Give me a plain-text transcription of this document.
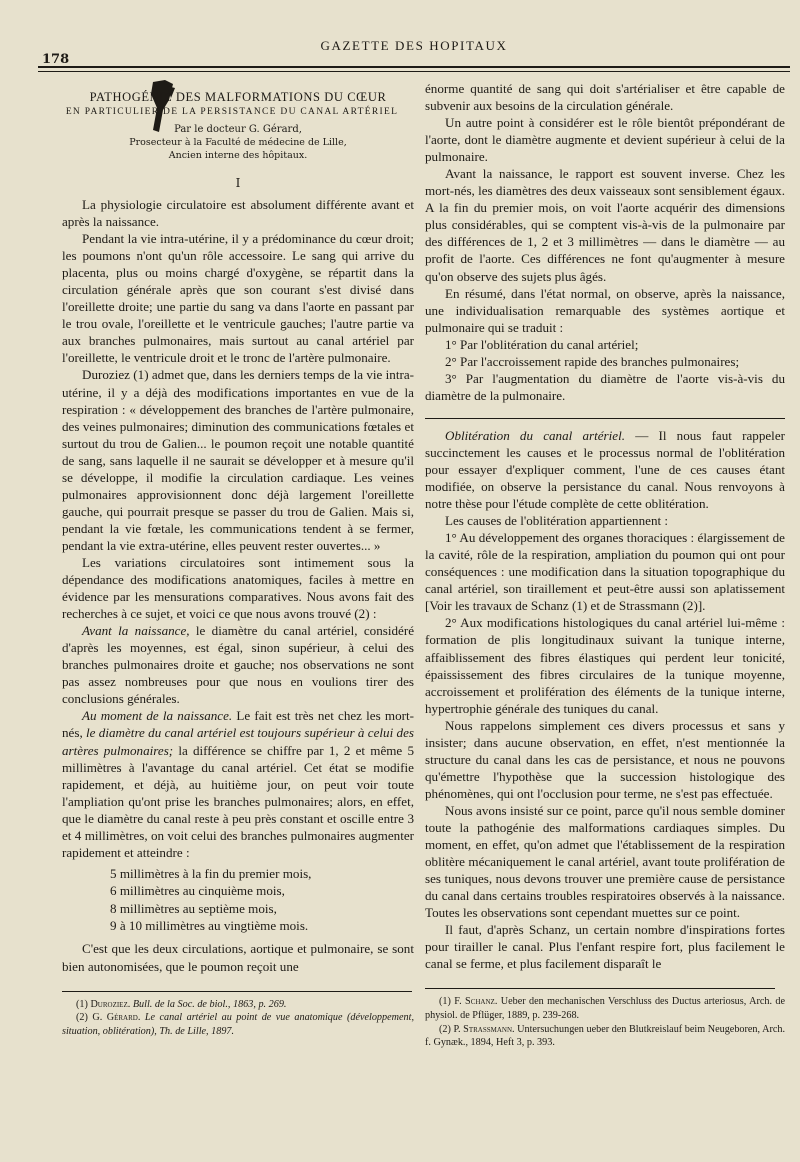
178
GAZETTE DES HOPITAUX
PATHOGÉNIE DES MALFORMATIONS DU CŒUR
EN PARTICULIER DE LA PERSISTANCE DU CANAL ARTÉRIEL

Par le docteur G. Gérard,

Prosecteur à la Faculté de médecine de Lille,

Ancien interne des hôpitaux.

I

La physiologie circulatoire est absolument différente avant et après la naissance.

Pendant la vie intra-utérine, il y a prédominance du cœur droit; les poumons n'ont qu'un rôle accessoire. Le sang qui arrive du placenta, plus ou moins chargé d'oxygène, se répartit dans la circulation générale après que son courant s'est divisé dans l'oreillette droite; une partie du sang va dans l'aorte en passant par le trou ovale, l'oreillette et le ventricule gauches; l'autre partie va aux branches pulmonaires, mais surtout au canal artériel par l'oreillette, le ventricule droit et le tronc de l'artère pulmonaire.

Duroziez (1) admet que, dans les derniers temps de la vie intra-utérine, il y a déjà des modifications importantes en vue de la respiration : « développement des branches de l'artère pulmonaire, des veines pulmonaires; diminution des communications fœtales et surtout du trou de Galien... le poumon reçoit une notable quantité de sang, sans laquelle il ne saurait se développer et à mesure qu'il se développe, il modifie la circulation cardiaque. Les veines pulmonaires approvisionnent donc déjà largement l'oreillette gauche, qui pourrait presque se passer du trou de Galien. Mais si, pendant la vie fœtale, les communications tendent à se fermer, pendant la vie extra-utérine, elles peuvent rester ouvertes... »

Les variations circulatoires sont intimement sous la dépendance des modifications anatomiques, faciles à mettre en évidence par les mensurations comparatives. Nous avons fait des recherches à ce sujet, et voici ce que nous avons trouvé (2) :

Avant la naissance, le diamètre du canal artériel, considéré d'après les moyennes, est égal, sinon supérieur, à celui des branches pulmonaires droite et gauche; nos observations ne sont pas assez nombreuses pour que nous en voulions tirer des conclusions générales.

Au moment de la naissance. Le fait est très net chez les mort-nés, le diamètre du canal artériel est toujours supérieur à celui des artères pulmonaires; la différence se chiffre par 1, 2 et même 5 millimètres à l'avantage du canal artériel. Cet état se modifie rapidement, et déjà, au huitième jour, on peut voir toute l'ampliation qu'ont prise les branches pulmonaires; alors, en effet, que le diamètre du canal reste à peu près constant et oscille entre 3 et 4 millimètres, on voit celui des branches pulmonaires augmenter rapidement et atteindre :

5 millimètres à la fin du premier mois,
6 millimètres au cinquième mois,
8 millimètres au septième mois,
9 à 10 millimètres au vingtième mois.

C'est que les deux circulations, aortique et pulmonaire, se sont bien autonomisées, que le poumon reçoit une

(1) Duroziez. Bull. de la Soc. de biol., 1863, p. 269.

(2) G. Gérard. Le canal artériel au point de vue anatomique (développement, situation, oblitération), Th. de Lille, 1897.

énorme quantité de sang qui doit s'artérialiser et être capable de subvenir aux besoins de la circulation générale.

Un autre point à considérer est le rôle bientôt prépondérant de l'aorte, dont le diamètre augmente et devient supérieur à celui de la pulmonaire.

Avant la naissance, le rapport est souvent inverse. Chez les mort-nés, les diamètres des deux vaisseaux sont sensiblement égaux. A la fin du premier mois, on voit l'aorte acquérir des dimensions plus considérables, qui se comptent vis-à-vis de la pulmonaire par des différences de 1, 2 et 3 millimètres — dans le diamètre — au profit de l'aorte. Ces différences ne font qu'augmenter à mesure qu'on observe des sujets plus âgés.

En résumé, dans l'état normal, on observe, après la naissance, une individualisation remarquable des systèmes aortique et pulmonaire qui se traduit :

1° Par l'oblitération du canal artériel;

2° Par l'accroissement rapide des branches pulmonaires;

3° Par l'augmentation du diamètre de l'aorte vis-à-vis du diamètre de la pulmonaire.

Oblitération du canal artériel. — Il nous faut rappeler succinctement les causes et le processus normal de l'oblitération pour essayer d'expliquer comment, l'une de ces causes étant modifiée, on observe la persistance du canal. Nous renvoyons à notre thèse pour l'étude complète de cette oblitération.

Les causes de l'oblitération appartiennent :

1° Au développement des organes thoraciques : élargissement de la cavité, rôle de la respiration, ampliation du poumon qui ont pour conséquences : une modification dans la situation topographique du canal artériel, son tiraillement et peut-être aussi son aplatissement [Voir les travaux de Schanz (1) et de Strassmann (2)].

2° Aux modifications histologiques du canal artériel lui-même : formation de plis longitudinaux suivant la tunique interne, affaiblissement des fibres élastiques qui perdent leur tonicité, épaississement des fibres circulaires de la tunique moyenne, accroissement et prolifération des éléments de la tunique interne, hypertrophie générale des tuniques du canal.

Nous rappelons simplement ces divers processus et sans y insister; dans aucune observation, en effet, n'est mentionnée la structure du canal dans les cas de persistance, et nous ne pouvons qu'émettre l'hypothèse que la succession histologique des phénomènes, qui ont l'occlusion pour terme, ne s'est pas effectuée.

Nous avons insisté sur ce point, parce qu'il nous semble dominer toute la pathogénie des malformations cardiaques simples. Du moment, en effet, qu'on admet que l'établissement de la respiration oblitère mécaniquement le canal artériel, avant toute prolifération de ses tuniques, nous devons trouver une première cause de persistance du canal dans certains troubles respiratoires observés à la naissance. Toutes les observations sont cependant muettes sur ce point.

Il faut, d'après Schanz, un certain nombre d'inspirations fortes pour tirailler le canal. Plus l'enfant respire fort, plus facilement le canal se ferme, et plus facilement disparaît le

(1) F. Schanz. Ueber den mechanischen Verschluss des Ductus arteriosus, Arch. de physiol. de Pflüger, 1889, p. 239-268.

(2) P. Strassmann. Untersuchungen ueber den Blutkreislauf beim Neugeboren, Arch. f. Gynæk., 1894, Heft 3, p. 393.
